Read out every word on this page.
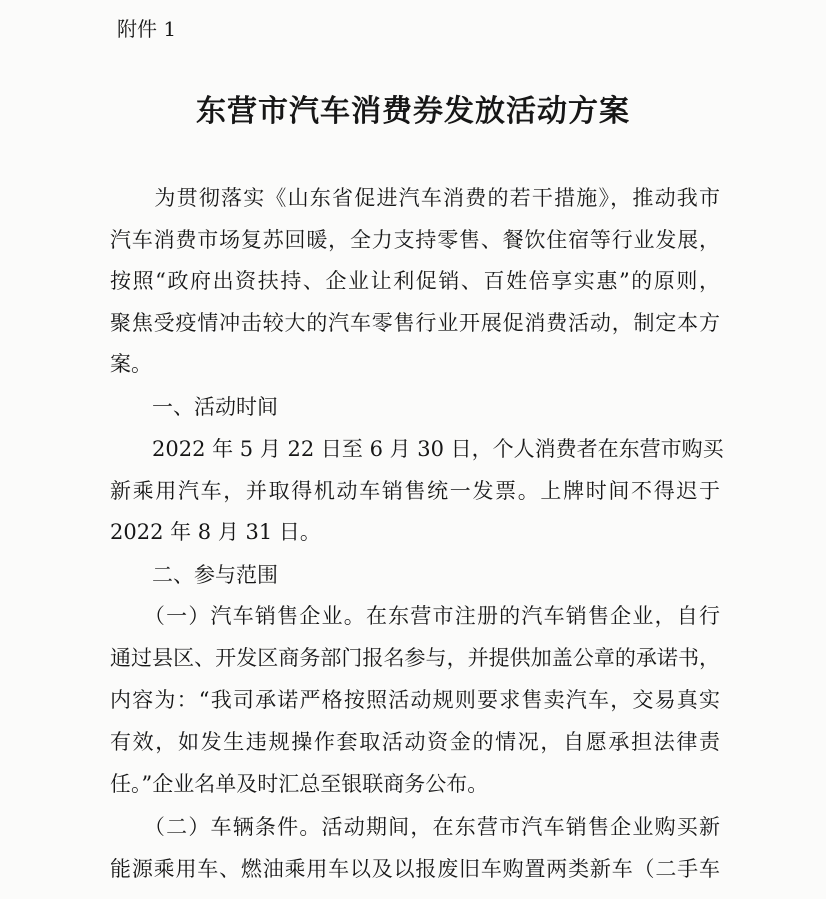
附件 1
东营市汽车消费券发放活动方案
　　为贯彻落实《山东省促进汽车消费的若干措施》，推动我市
汽车消费市场复苏回暖，全力支持零售、餐饮住宿等行业发展，
按照“政府出资扶持、企业让利促销、百姓倍享实惠”的原则，
聚焦受疫情冲击较大的汽车零售行业开展促消费活动，制定本方
案。
　　一、活动时间
　　2022 年 5 月 22 日至 6 月 30 日，个人消费者在东营市购买
新乘用汽车，并取得机动车销售统一发票。上牌时间不得迟于
2022 年 8 月 31 日。
　　二、参与范围
　　（一）汽车销售企业。在东营市注册的汽车销售企业，自行
通过县区、开发区商务部门报名参与，并提供加盖公章的承诺书，
内容为：“我司承诺严格按照活动规则要求售卖汽车，交易真实
有效，如发生违规操作套取活动资金的情况，自愿承担法律责
任。”企业名单及时汇总至银联商务公布。
　　（二）车辆条件。活动期间，在东营市汽车销售企业购买新
能源乘用车、燃油乘用车以及以报废旧车购置两类新车（二手车
